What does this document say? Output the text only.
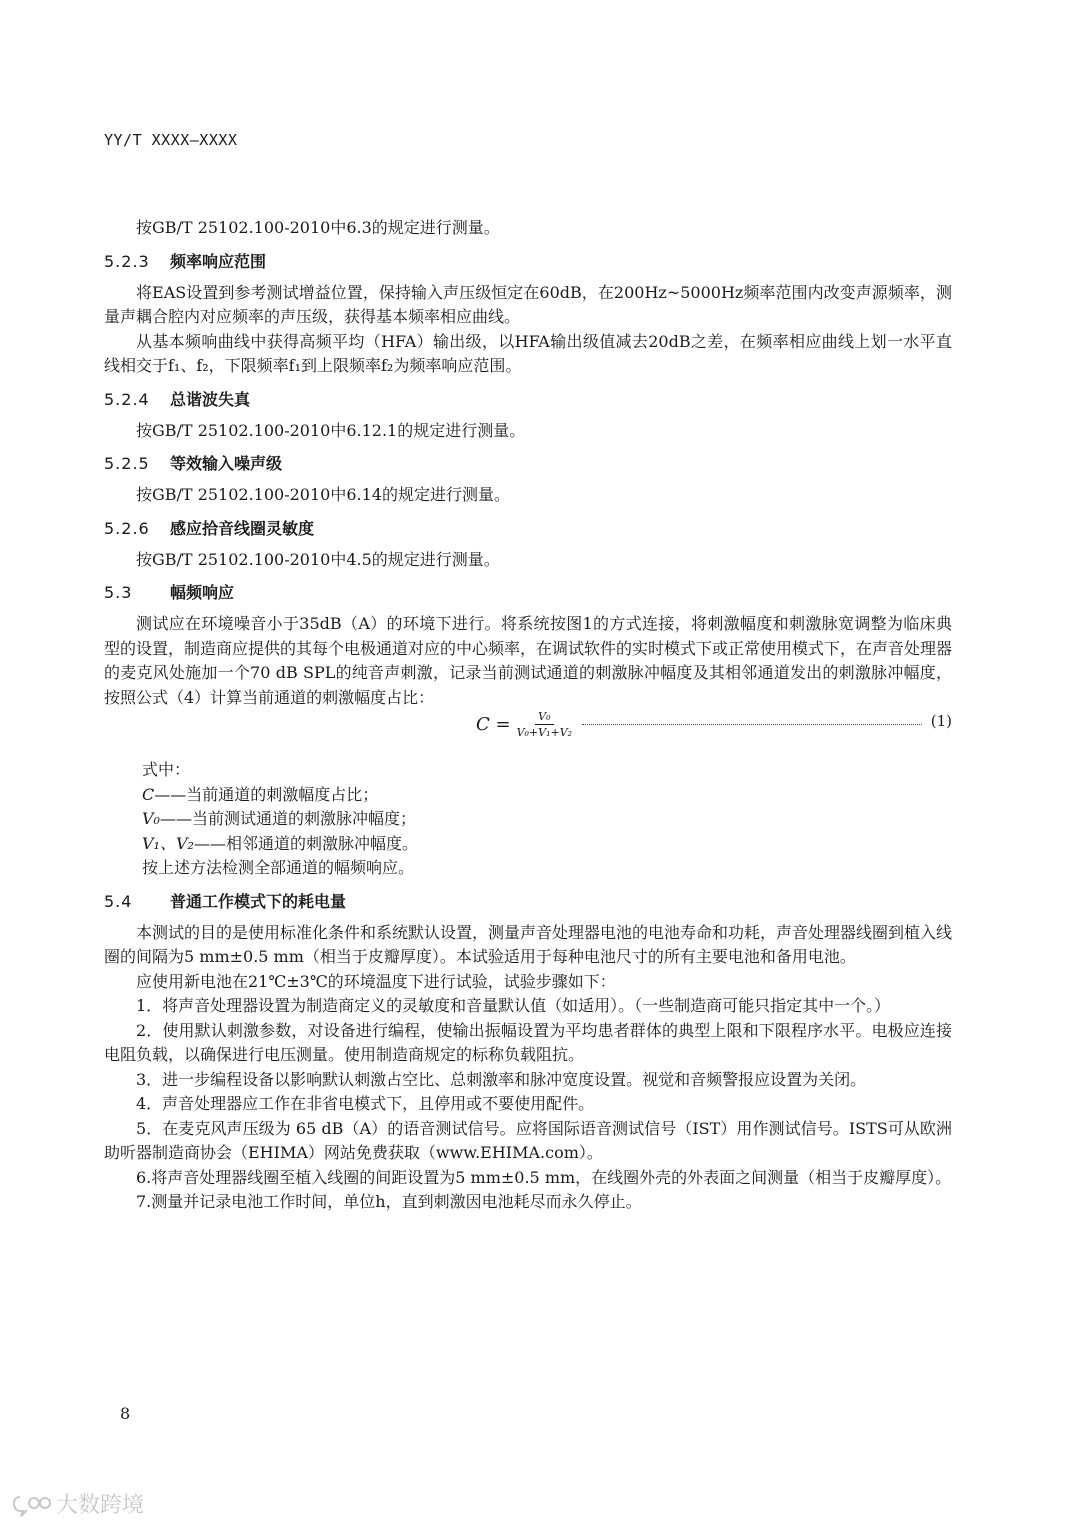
YY/T XXXX—XXXX

按GB/T 25102.100-2010中6.3的规定进行测量。

5.2.3 频率响应范围

将EAS设置到参考测试增益位置，保持输入声压级恒定在60dB，在200Hz~5000Hz频率范围内改变声源频率，测量声耦合腔内对应频率的声压级，获得基本频率相应曲线。

从基本频响曲线中获得高频平均（HFA）输出级，以HFA输出级值减去20dB之差，在频率相应曲线上划一水平直线相交于f₁、f₂，下限频率f₁到上限频率f₂为频率响应范围。

5.2.4 总谐波失真

按GB/T 25102.100-2010中6.12.1的规定进行测量。

5.2.5 等效输入噪声级

按GB/T 25102.100-2010中6.14的规定进行测量。

5.2.6 感应拾音线圈灵敏度

按GB/T 25102.100-2010中4.5的规定进行测量。

5.3 幅频响应

测试应在环境噪音小于35dB（A）的环境下进行。将系统按图1的方式连接，将刺激幅度和刺激脉宽调整为临床典型的设置，制造商应提供的其每个电极通道对应的中心频率，在调试软件的实时模式下或正常使用模式下，在声音处理器的麦克风处施加一个70 dB SPL的纯音声刺激，记录当前测试通道的刺激脉冲幅度及其相邻通道发出的刺激脉冲幅度，按照公式（4）计算当前通道的刺激幅度占比：

$C = \frac{\text{V₀}}{\text{V₀+V₁+V₂}}$	(1)

式中：

C——当前通道的刺激幅度占比；

V₀——当前测试通道的刺激脉冲幅度；

V₁、V₂——相邻通道的刺激脉冲幅度。

按上述方法检测全部通道的幅频响应。

5.4 普通工作模式下的耗电量

本测试的目的是使用标准化条件和系统默认设置，测量声音处理器电池的电池寿命和功耗，声音处理器线圈到植入线圈的间隔为5 mm±0.5 mm（相当于皮瓣厚度）。本试验适用于每种电池尺寸的所有主要电池和备用电池。

应使用新电池在21℃±3℃的环境温度下进行试验，试验步骤如下：

1．将声音处理器设置为制造商定义的灵敏度和音量默认值（如适用）。（一些制造商可能只指定其中一个。）

2．使用默认刺激参数，对设备进行编程，使输出振幅设置为平均患者群体的典型上限和下限程序水平。电极应连接电阻负载，以确保进行电压测量。使用制造商规定的标称负载阻抗。

3．进一步编程设备以影响默认刺激占空比、总刺激率和脉冲宽度设置。视觉和音频警报应设置为关闭。

4．声音处理器应工作在非省电模式下，且停用或不要使用配件。

5．在麦克风声压级为 65 dB（A）的语音测试信号。应将国际语音测试信号（IST）用作测试信号。ISTS可从欧洲助听器制造商协会（EHIMA）网站免费获取（www.EHIMA.com）。

6.将声音处理器线圈至植入线圈的间距设置为5 mm±0.5 mm，在线圈外壳的外表面之间测量（相当于皮瓣厚度）。

7.测量并记录电池工作时间，单位h，直到刺激因电池耗尽而永久停止。

8
大数跨境
